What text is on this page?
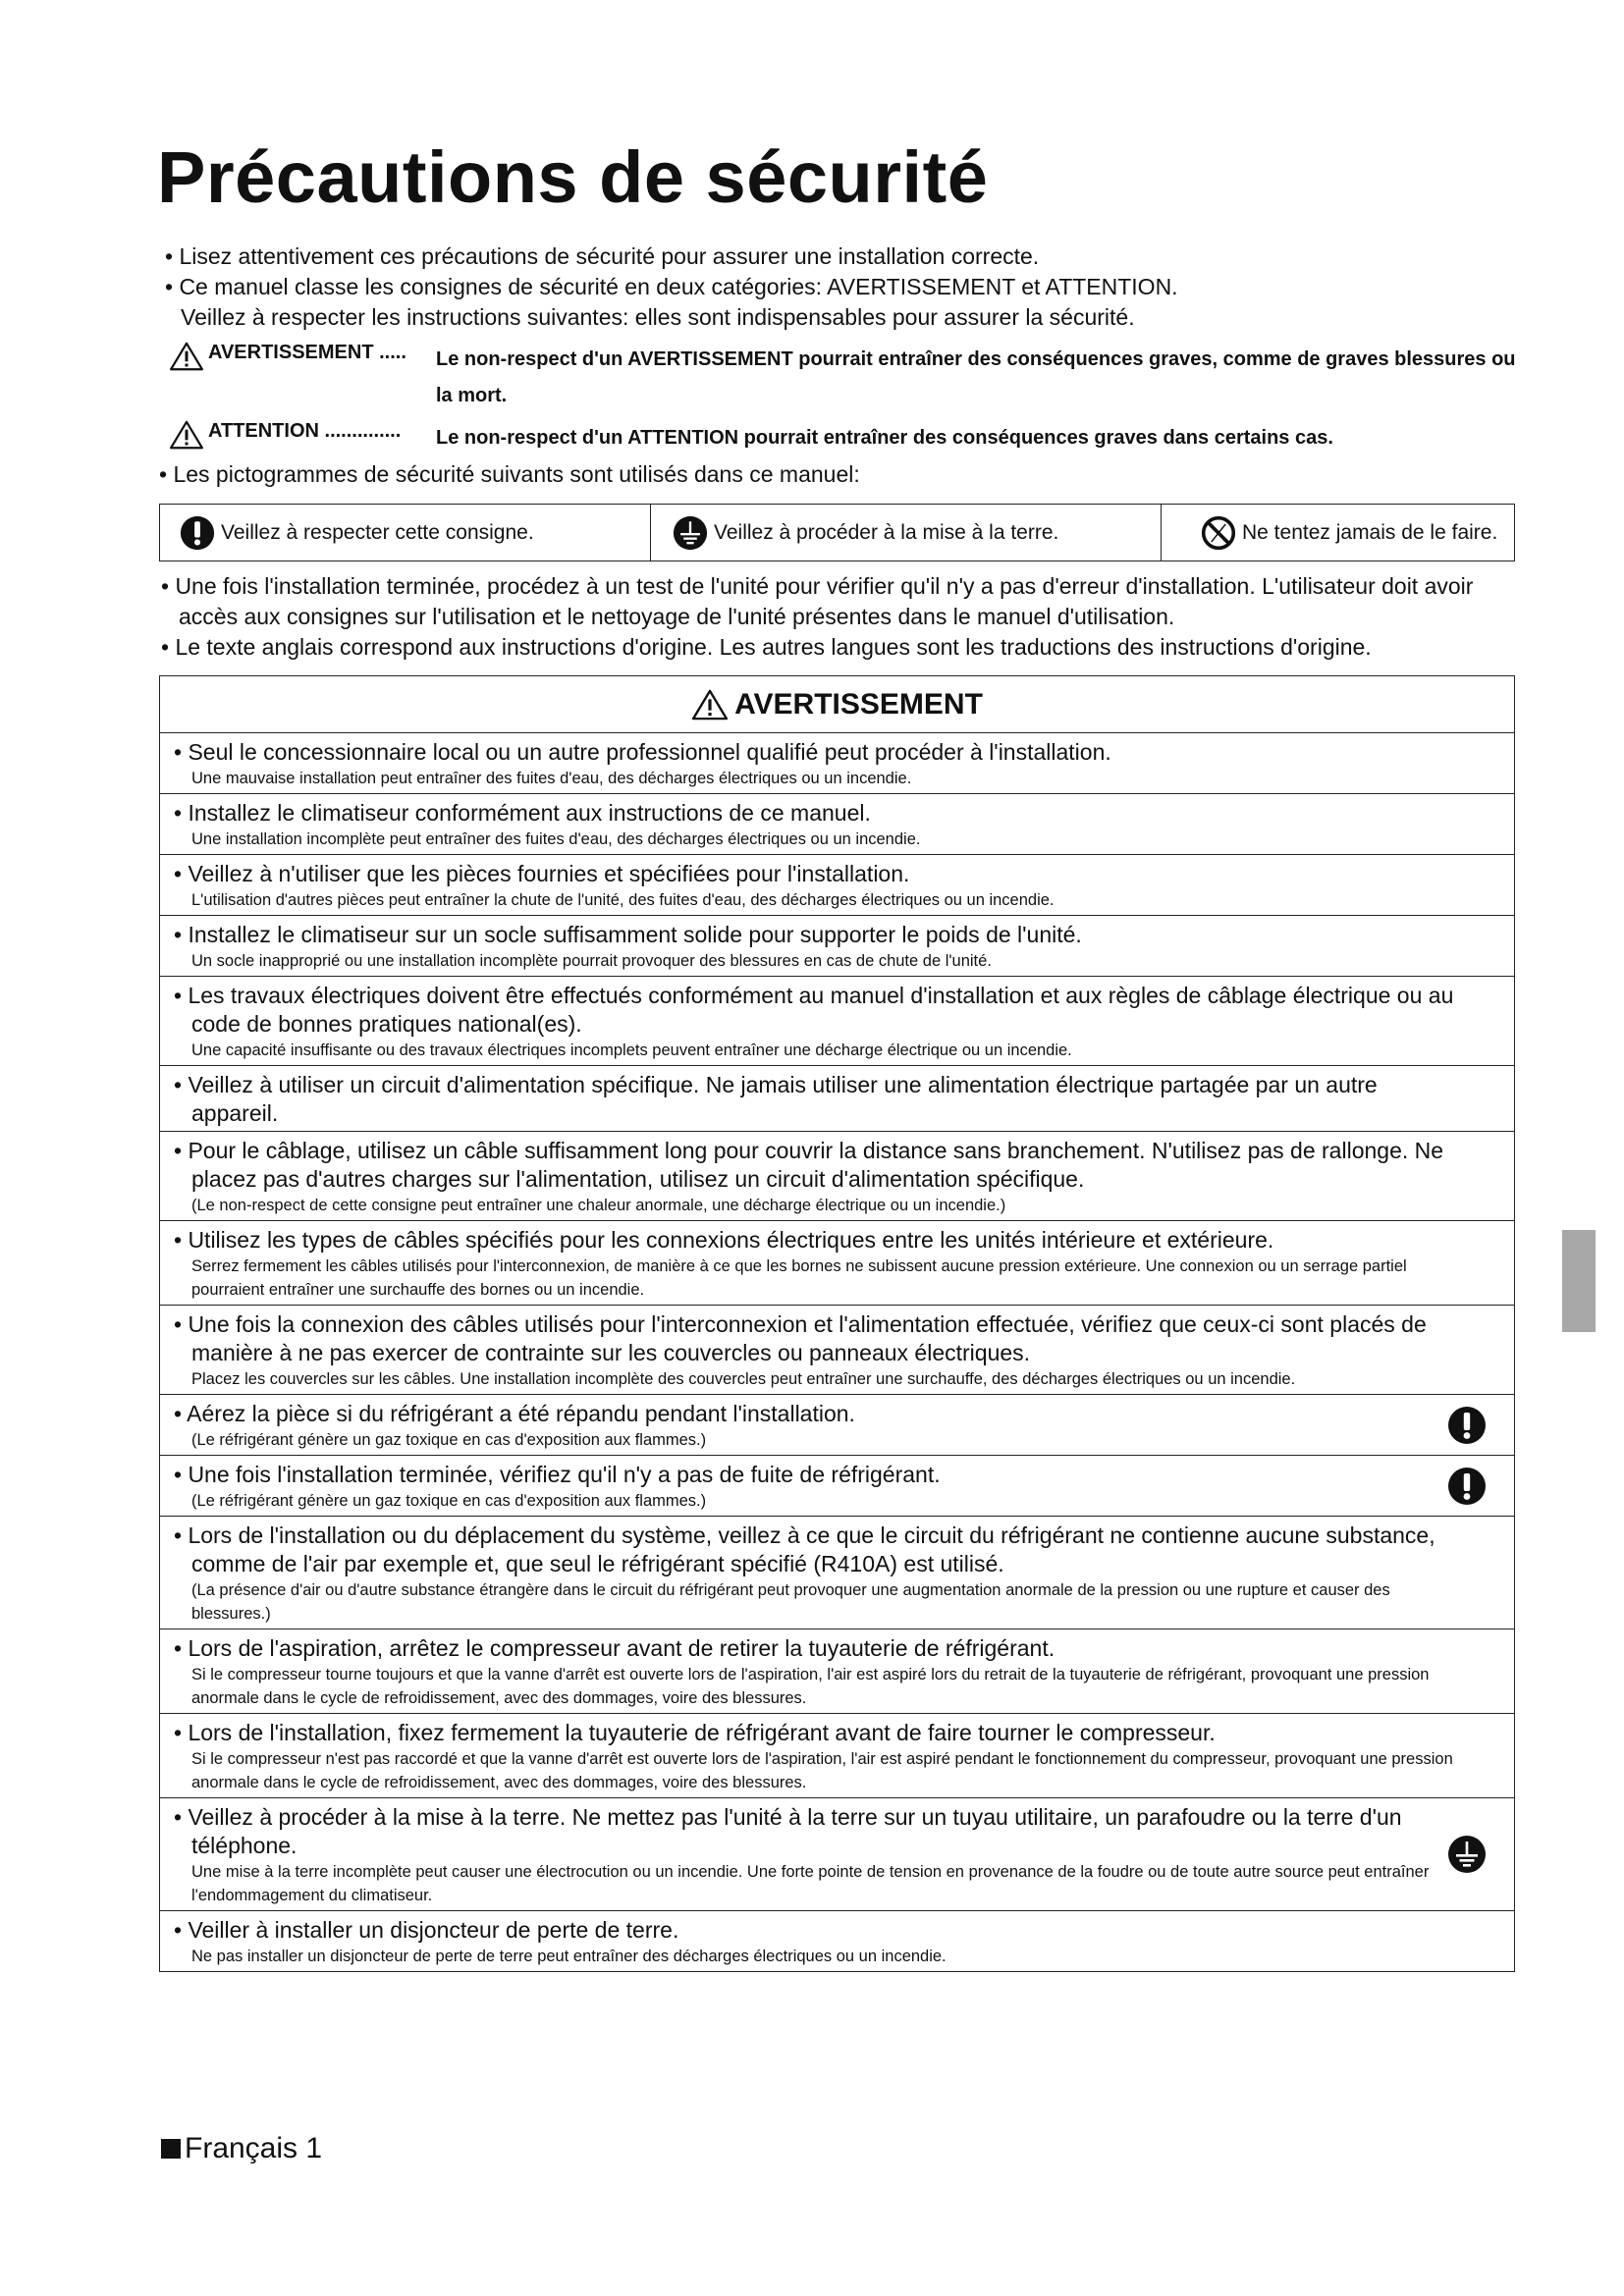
Précautions de sécurité
• Lisez attentivement ces précautions de sécurité pour assurer une installation correcte.
• Ce manuel classe les consignes de sécurité en deux catégories: AVERTISSEMENT et ATTENTION.
Veillez à respecter les instructions suivantes: elles sont indispensables pour assurer la sécurité.
AVERTISSEMENT .....	Le non-respect d'un AVERTISSEMENT pourrait entraîner des conséquences graves, comme de graves blessures ou la mort.
ATTENTION ..............	Le non-respect d'un ATTENTION pourrait entraîner des conséquences graves dans certains cas.
• Les pictogrammes de sécurité suivants sont utilisés dans ce manuel:
Veillez à respecter cette consigne.	Veillez à procéder à la mise à la terre.	Ne tentez jamais de le faire.
• Une fois l'installation terminée, procédez à un test de l'unité pour vérifier qu'il n'y a pas d'erreur d'installation. L'utilisateur doit avoir accès aux consignes sur l'utilisation et le nettoyage de l'unité présentes dans le manuel d'utilisation.
• Le texte anglais correspond aux instructions d'origine. Les autres langues sont les traductions des instructions d'origine.
AVERTISSEMENT
• Seul le concessionnaire local ou un autre professionnel qualifié peut procéder à l'installation.
Une mauvaise installation peut entraîner des fuites d'eau, des décharges électriques ou un incendie.
• Installez le climatiseur conformément aux instructions de ce manuel.
Une installation incomplète peut entraîner des fuites d'eau, des décharges électriques ou un incendie.
• Veillez à n'utiliser que les pièces fournies et spécifiées pour l'installation.
L'utilisation d'autres pièces peut entraîner la chute de l'unité, des fuites d'eau, des décharges électriques ou un incendie.
• Installez le climatiseur sur un socle suffisamment solide pour supporter le poids de l'unité.
Un socle inapproprié ou une installation incomplète pourrait provoquer des blessures en cas de chute de l'unité.
• Les travaux électriques doivent être effectués conformément au manuel d'installation et aux règles de câblage électrique ou au code de bonnes pratiques national(es).
Une capacité insuffisante ou des travaux électriques incomplets peuvent entraîner une décharge électrique ou un incendie.
• Veillez à utiliser un circuit d'alimentation spécifique. Ne jamais utiliser une alimentation électrique partagée par un autre appareil.
• Pour le câblage, utilisez un câble suffisamment long pour couvrir la distance sans branchement. N'utilisez pas de rallonge. Ne placez pas d'autres charges sur l'alimentation, utilisez un circuit d'alimentation spécifique.
(Le non-respect de cette consigne peut entraîner une chaleur anormale, une décharge électrique ou un incendie.)
• Utilisez les types de câbles spécifiés pour les connexions électriques entre les unités intérieure et extérieure.
Serrez fermement les câbles utilisés pour l'interconnexion, de manière à ce que les bornes ne subissent aucune pression extérieure. Une connexion ou un serrage partiel pourraient entraîner une surchauffe des bornes ou un incendie.
• Une fois la connexion des câbles utilisés pour l'interconnexion et l'alimentation effectuée, vérifiez que ceux-ci sont placés de manière à ne pas exercer de contrainte sur les couvercles ou panneaux électriques.
Placez les couvercles sur les câbles. Une installation incomplète des couvercles peut entraîner une surchauffe, des décharges électriques ou un incendie.
• Aérez la pièce si du réfrigérant a été répandu pendant l'installation.
(Le réfrigérant génère un gaz toxique en cas d'exposition aux flammes.)
• Une fois l'installation terminée, vérifiez qu'il n'y a pas de fuite de réfrigérant.
(Le réfrigérant génère un gaz toxique en cas d'exposition aux flammes.)
• Lors de l'installation ou du déplacement du système, veillez à ce que le circuit du réfrigérant ne contienne aucune substance, comme de l'air par exemple et, que seul le réfrigérant spécifié (R410A) est utilisé.
(La présence d'air ou d'autre substance étrangère dans le circuit du réfrigérant peut provoquer une augmentation anormale de la pression ou une rupture et causer des blessures.)
• Lors de l'aspiration, arrêtez le compresseur avant de retirer la tuyauterie de réfrigérant.
Si le compresseur tourne toujours et que la vanne d'arrêt est ouverte lors de l'aspiration, l'air est aspiré lors du retrait de la tuyauterie de réfrigérant, provoquant une pression anormale dans le cycle de refroidissement, avec des dommages, voire des blessures.
• Lors de l'installation, fixez fermement la tuyauterie de réfrigérant avant de faire tourner le compresseur.
Si le compresseur n'est pas raccordé et que la vanne d'arrêt est ouverte lors de l'aspiration, l'air est aspiré pendant le fonctionnement du compresseur, provoquant une pression anormale dans le cycle de refroidissement, avec des dommages, voire des blessures.
• Veillez à procéder à la mise à la terre. Ne mettez pas l'unité à la terre sur un tuyau utilitaire, un parafoudre ou la terre d'un téléphone.
Une mise à la terre incomplète peut causer une électrocution ou un incendie. Une forte pointe de tension en provenance de la foudre ou de toute autre source peut entraîner l'endommagement du climatiseur.
• Veiller à installer un disjoncteur de perte de terre.
Ne pas installer un disjoncteur de perte de terre peut entraîner des décharges électriques ou un incendie.
Français 1
